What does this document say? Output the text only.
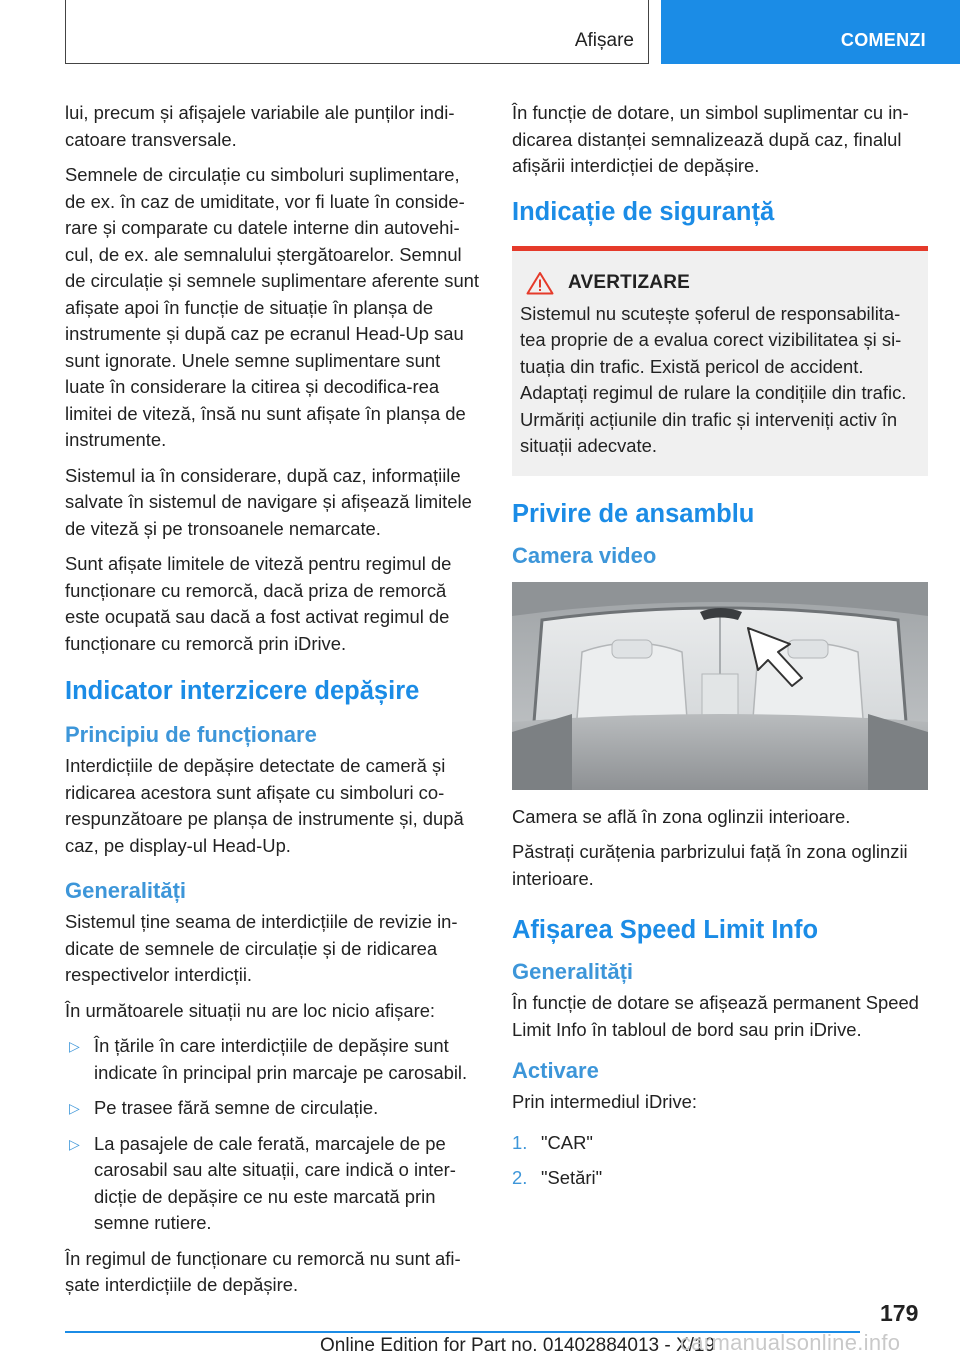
Afișare	COMENZI

lui, precum și afișajele variabile ale punților indi-catoare transversale.

Semnele de circulație cu simboluri suplimentare, de ex. în caz de umiditate, vor fi luate în conside-rare și comparate cu datele interne din autovehi-cul, de ex. ale semnalului ștergătoarelor. Semnul de circulație și semnele suplimentare aferente sunt afișate apoi în funcție de situație în planșa de instrumente și după caz pe ecranul Head-Up sau sunt ignorate. Unele semne suplimentare sunt luate în considerare la citirea și decodifica-rea limitei de viteză, însă nu sunt afișate în planșa de instrumente.

Sistemul ia în considerare, după caz, informațiile salvate în sistemul de navigare și afișează limitele de viteză și pe tronsoanele nemarcate.

Sunt afișate limitele de viteză pentru regimul de funcționare cu remorcă, dacă priza de remorcă este ocupată sau dacă a fost activat regimul de funcționare cu remorcă prin iDrive.

Indicator interzicere depășire
Principiu de funcționare

Interdicțiile de depășire detectate de cameră și ridicarea acestora sunt afișate cu simboluri co-respunzătoare pe planșa de instrumente și, după caz, pe display-ul Head-Up.

Generalități

Sistemul ține seama de interdicțiile de revizie in-dicate de semnele de circulație și de ridicarea respectivelor interdicții.

În următoarele situații nu are loc nicio afișare:

▷ În țările în care interdicțiile de depășire sunt indicate în principal prin marcaje pe carosabil.
▷ Pe trasee fără semne de circulație.
▷ La pasajele de cale ferată, marcajele de pe carosabil sau alte situații, care indică o inter-dicție de depășire ce nu este marcată prin semne rutiere.

În regimul de funcționare cu remorcă nu sunt afi-șate interdicțiile de depășire.

În funcție de dotare, un simbol suplimentar cu in-dicarea distanței semnalizează după caz, finalul afișării interdicției de depășire.

Indicație de siguranță
AVERTIZARE

Sistemul nu scutește șoferul de responsabilita-tea proprie de a evalua corect vizibilitatea și si-tuația din trafic. Există pericol de accident. Adaptați regimul de rulare la condițiile din trafic. Urmăriți acțiunile din trafic și interveniți activ în situații adecvate.

Privire de ansamblu
Camera video

Camera se află în zona oglinzii interioare.

Păstrați curățenia parbrizului față în zona oglinzii interioare.

Afișarea Speed Limit Info
Generalități

În funcție de dotare se afișează permanent Speed Limit Info în tabloul de bord sau prin iDrive.

Activare

Prin intermediul iDrive:

1. "CAR"
2. "Setări"
179
Online Edition for Part no. 01402884013 - X/19
carmanualsonline.info
